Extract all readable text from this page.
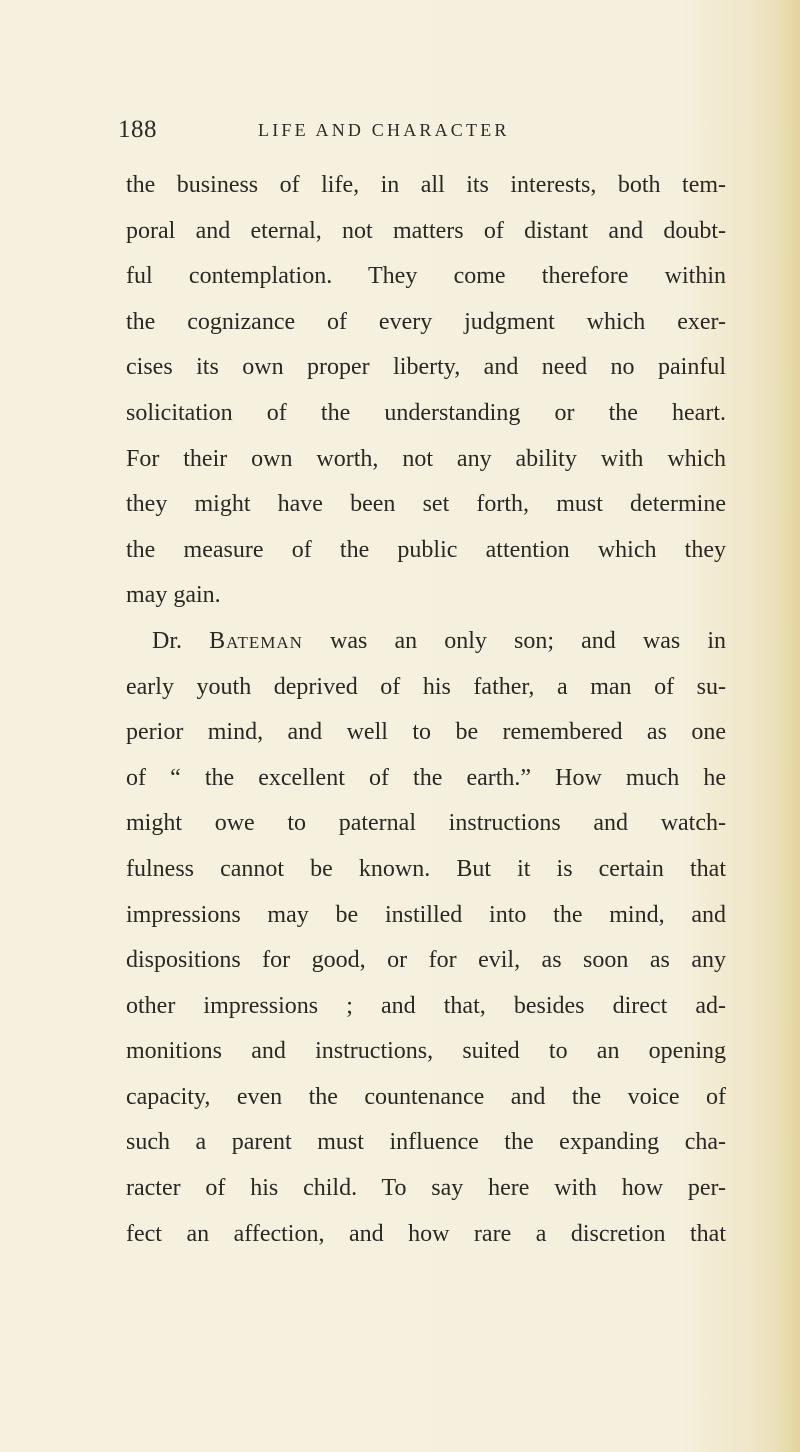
188	LIFE AND CHARACTER
the business of life, in all its interests, both tem-
poral and eternal, not matters of distant and doubt-
ful contemplation. They come therefore within
the cognizance of every judgment which exer-
cises its own proper liberty, and need no painful
solicitation of the understanding or the heart.
For their own worth, not any ability with which
they might have been set forth, must determine
the measure of the public attention which they
may gain.
Dr. Bateman was an only son; and was in
early youth deprived of his father, a man of su-
perior mind, and well to be remembered as one
of “ the excellent of the earth.” How much he
might owe to paternal instructions and watch-
fulness cannot be known. But it is certain that
impressions may be instilled into the mind, and
dispositions for good, or for evil, as soon as any
other impressions ; and that, besides direct ad-
monitions and instructions, suited to an opening
capacity, even the countenance and the voice of
such a parent must influence the expanding cha-
racter of his child. To say here with how per-
fect an affection, and how rare a discretion that
